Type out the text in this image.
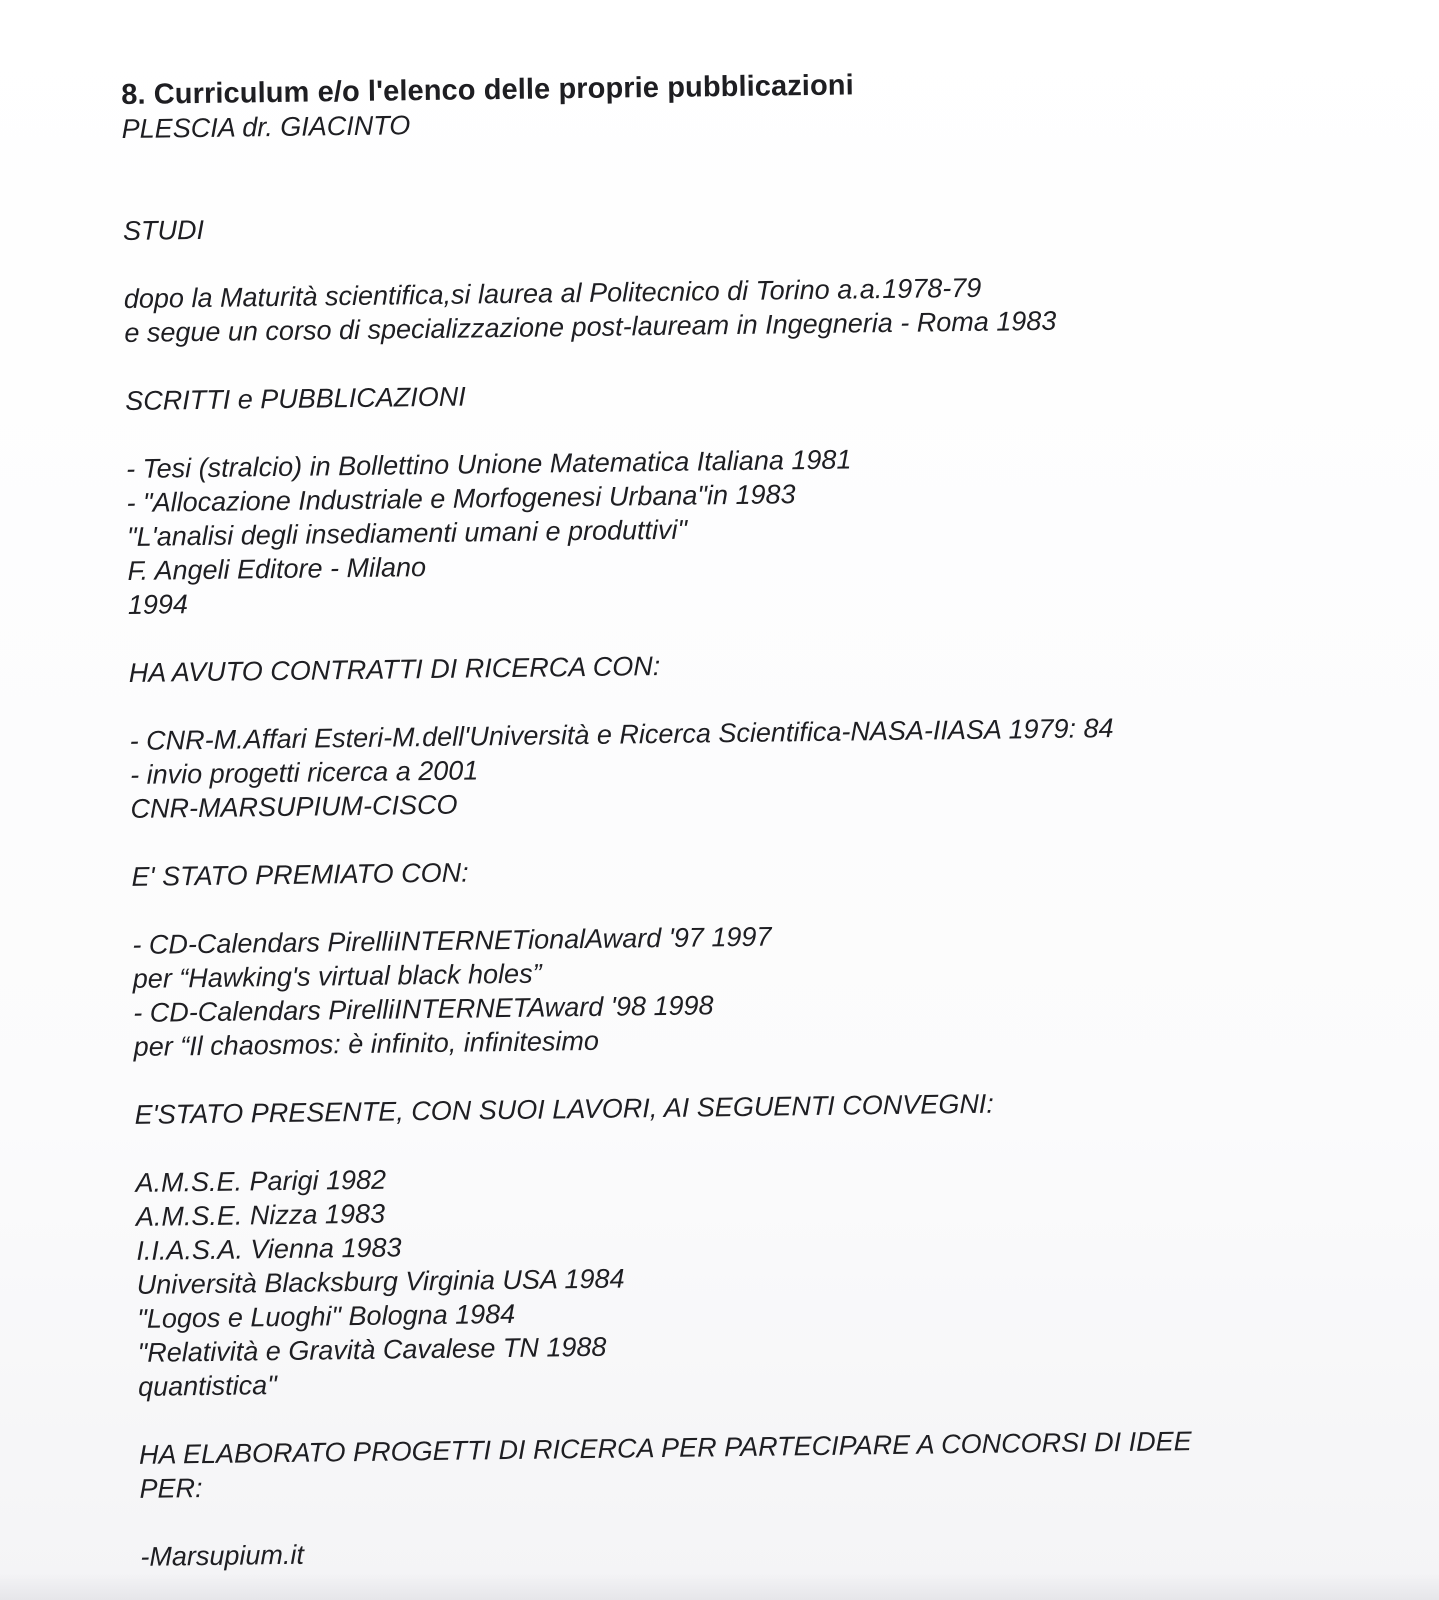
8. Curriculum e/o l'elenco delle proprie pubblicazioni

PLESCIA dr. GIACINTO

STUDI

dopo la Maturità scientifica,si laurea al Politecnico di Torino a.a.1978-79

e segue un corso di specializzazione post-lauream in Ingegneria - Roma 1983

SCRITTI e PUBBLICAZIONI

- Tesi (stralcio) in Bollettino Unione Matematica Italiana 1981

- "Allocazione Industriale e Morfogenesi Urbana"in 1983

"L'analisi degli insediamenti umani e produttivi"

F. Angeli Editore - Milano

1994

HA AVUTO CONTRATTI DI RICERCA CON:

- CNR-M.Affari Esteri-M.dell'Università e Ricerca Scientifica-NASA-IIASA 1979: 84

- invio progetti ricerca a 2001

CNR-MARSUPIUM-CISCO

E' STATO PREMIATO CON:

- CD-Calendars PirelliINTERNETionalAward '97 1997

per “Hawking's virtual black holes”

- CD-Calendars PirelliINTERNETAward '98 1998

per “Il chaosmos: è infinito, infinitesimo

E'STATO PRESENTE, CON SUOI LAVORI, AI SEGUENTI CONVEGNI:

A.M.S.E. Parigi 1982

A.M.S.E. Nizza 1983

I.I.A.S.A. Vienna 1983

Università Blacksburg Virginia USA 1984

"Logos e Luoghi" Bologna 1984

"Relatività e Gravità Cavalese TN 1988

quantistica"

HA ELABORATO PROGETTI DI RICERCA PER PARTECIPARE A CONCORSI DI IDEE

PER:

-Marsupium.it
